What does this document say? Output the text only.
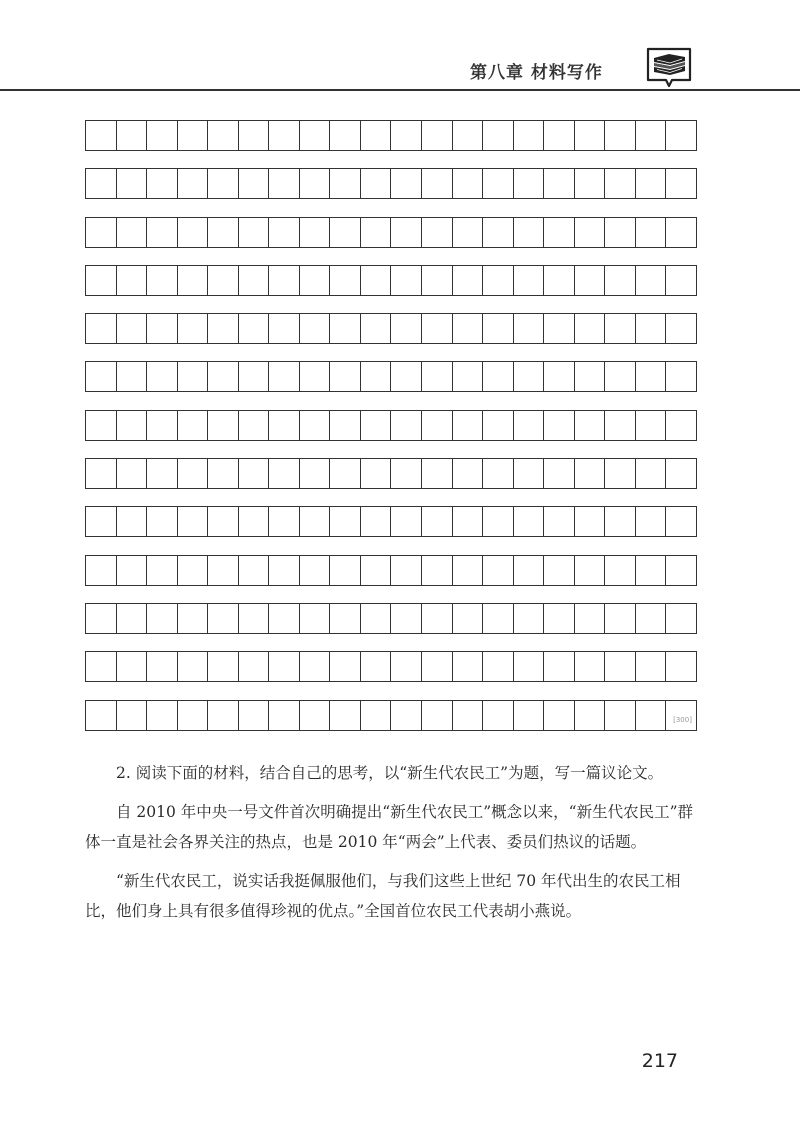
第八章 材料写作
[300]

2. 阅读下面的材料，结合自己的思考，以“新生代农民工”为题，写一篇议论文。

自 2010 年中央一号文件首次明确提出“新生代农民工”概念以来，“新生代农民工”群体一直是社会各界关注的热点，也是 2010 年“两会”上代表、委员们热议的话题。

“新生代农民工，说实话我挺佩服他们，与我们这些上世纪 70 年代出生的农民工相比，他们身上具有很多值得珍视的优点。”全国首位农民工代表胡小燕说。

217
